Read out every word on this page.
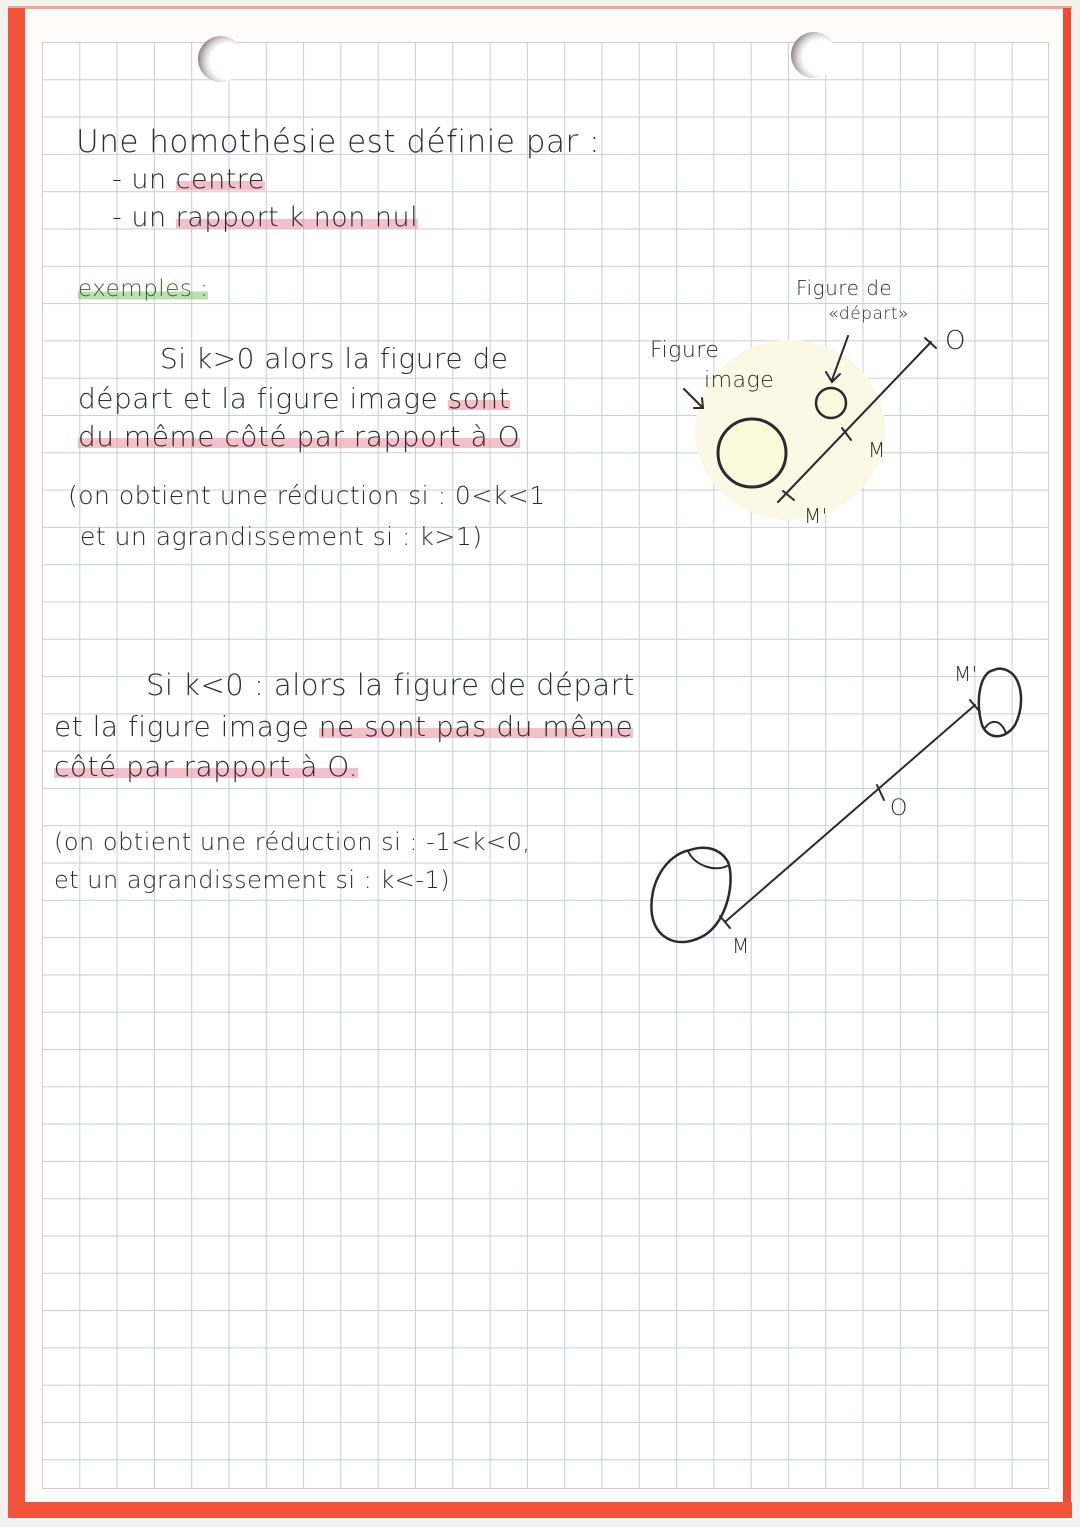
Une homothésie est définie par :
- un centre
- un rapport k non nul
exemples :
Si k>0 alors la figure de
départ et la figure image sont
du même côté par rapport à O
(on obtient une réduction si : 0<k<1
et un agrandissement si : k>1)
Si k<0 : alors la figure de départ
et la figure image ne sont pas du même
côté par rapport à O.
(on obtient une réduction si : -1<k<0,
et un agrandissement si : k<-1)
Figure
image
Figure de
«départ»
O
M
M'
O
M
M'
